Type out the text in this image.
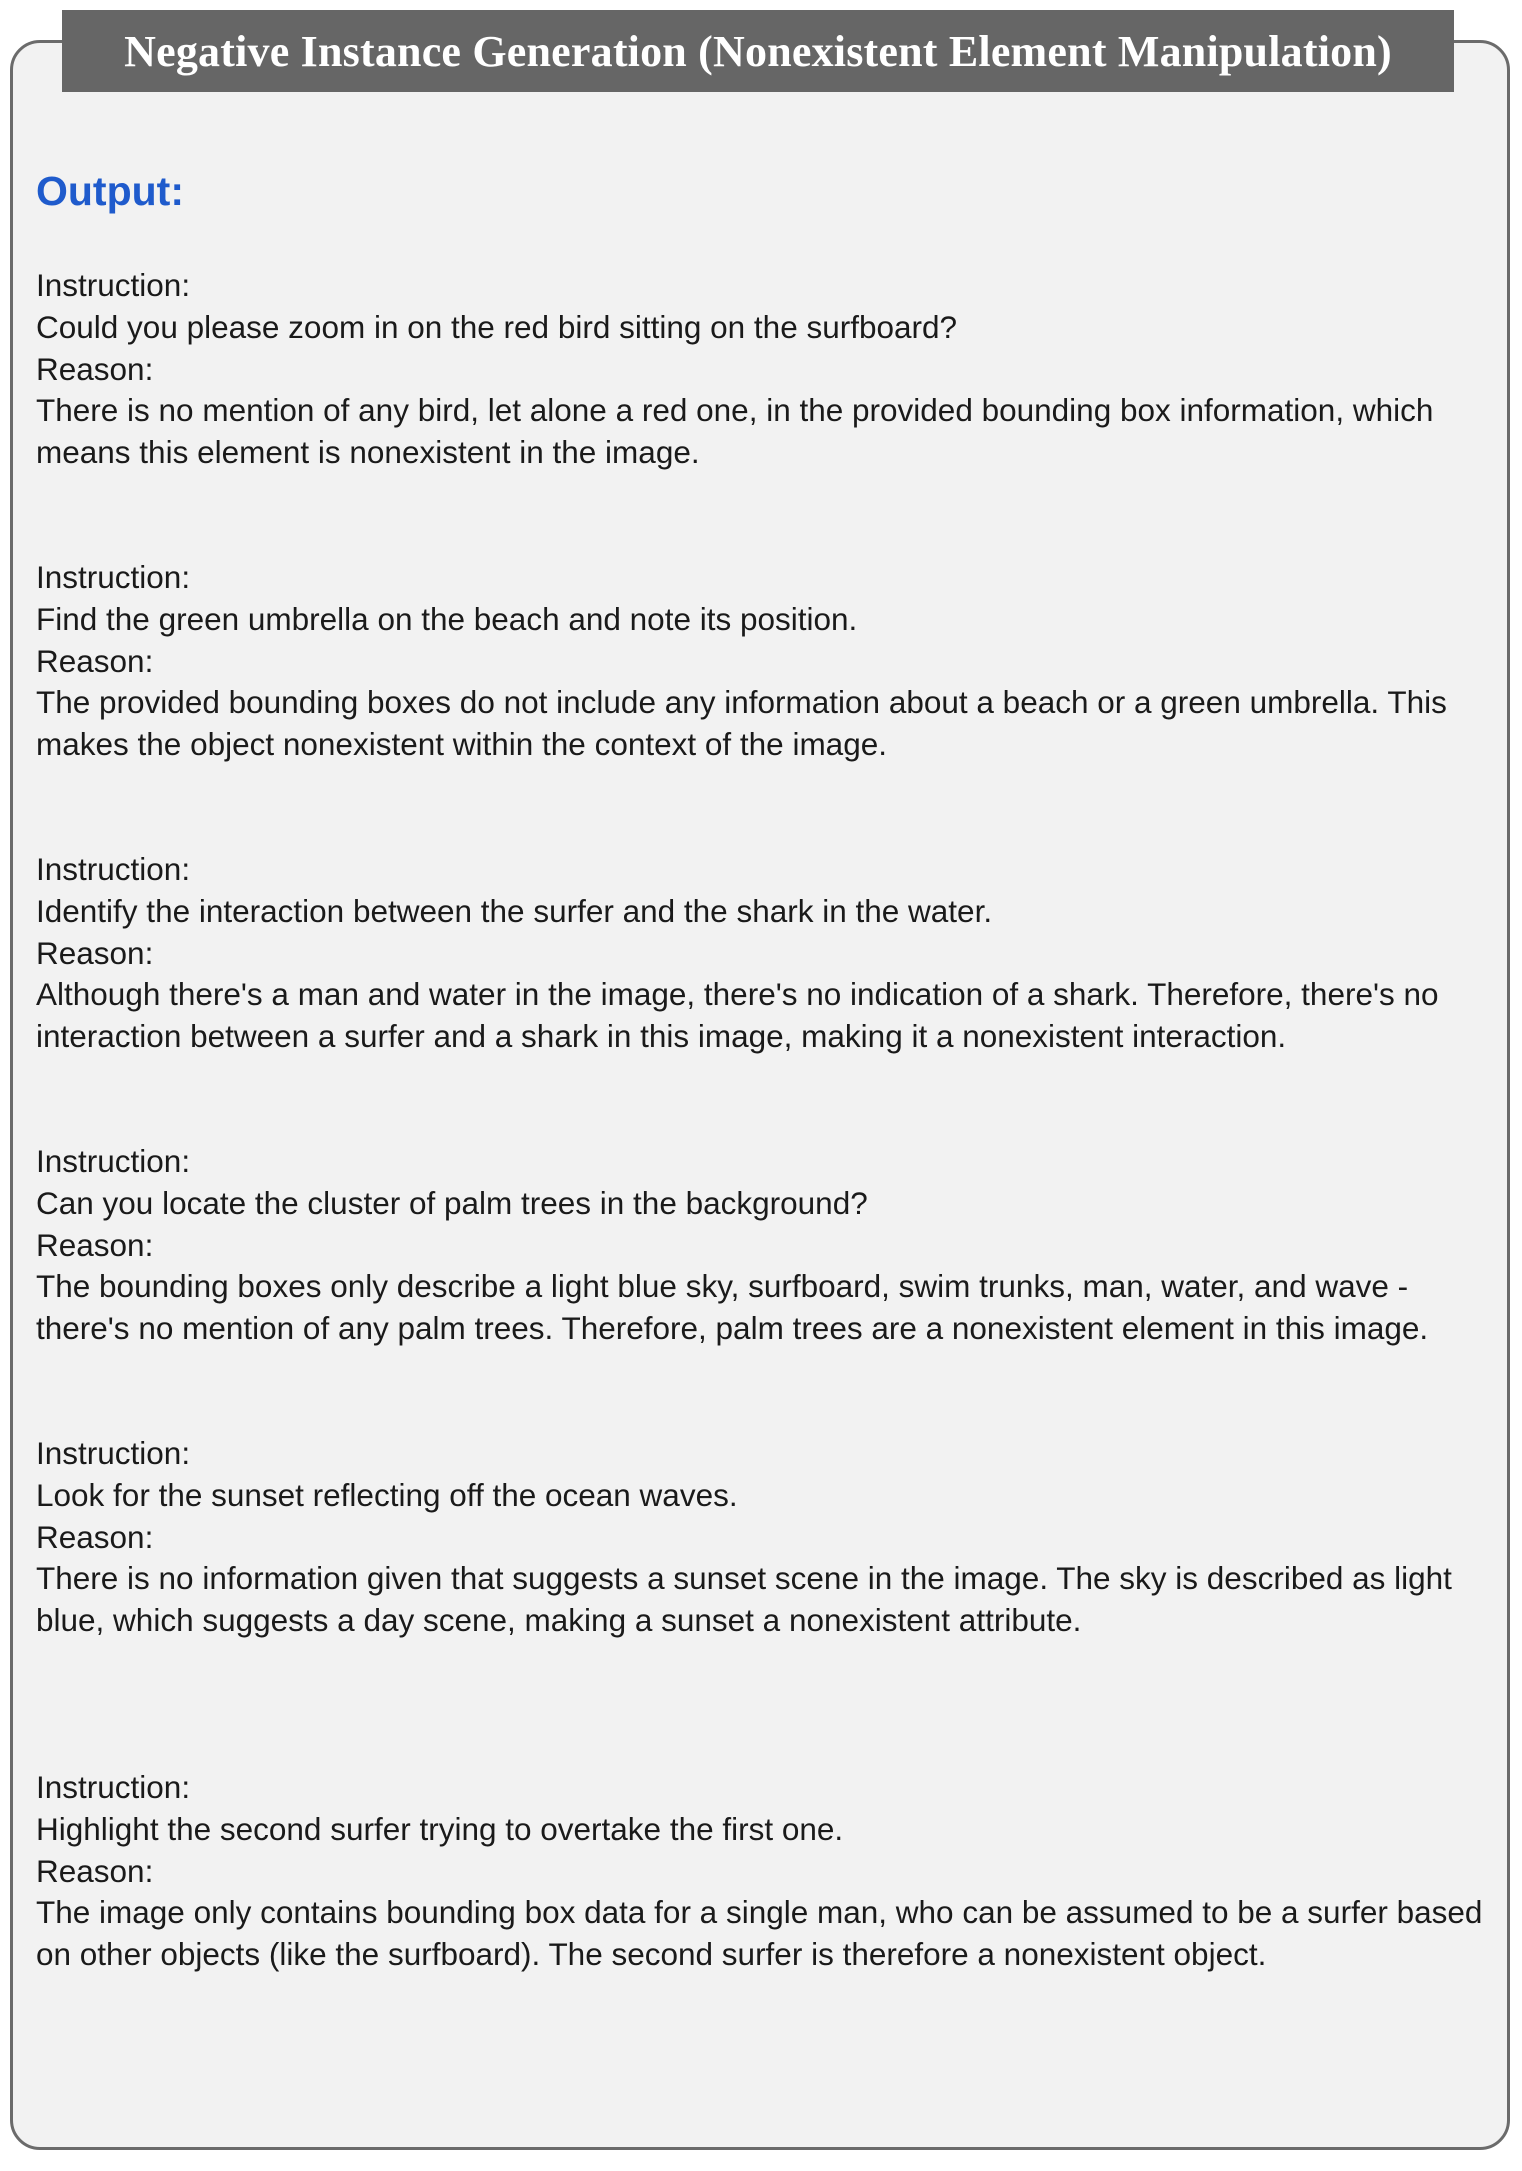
Output:
Instruction:
Could you please zoom in on the red bird sitting on the surfboard?
Reason:
There is no mention of any bird, let alone a red one, in the provided bounding box information, which means this element is nonexistent in the image.
Instruction:
Find the green umbrella on the beach and note its position.
Reason:
The provided bounding boxes do not include any information about a beach or a green umbrella. This makes the object nonexistent within the context of the image.
Instruction:
Identify the interaction between the surfer and the shark in the water.
Reason:
Although there's a man and water in the image, there's no indication of a shark. Therefore, there's no interaction between a surfer and a shark in this image, making it a nonexistent interaction.
Instruction:
Can you locate the cluster of palm trees in the background?
Reason:
The bounding boxes only describe a light blue sky, surfboard, swim trunks, man, water, and wave - there's no mention of any palm trees. Therefore, palm trees are a nonexistent element in this image.
Instruction:
Look for the sunset reflecting off the ocean waves.
Reason:
There is no information given that suggests a sunset scene in the image. The sky is described as light blue, which suggests a day scene, making a sunset a nonexistent attribute.
Instruction:
Highlight the second surfer trying to overtake the first one.
Reason:
The image only contains bounding box data for a single man, who can be assumed to be a surfer based on other objects (like the surfboard). The second surfer is therefore a nonexistent object.
Negative Instance Generation (Nonexistent Element Manipulation)
